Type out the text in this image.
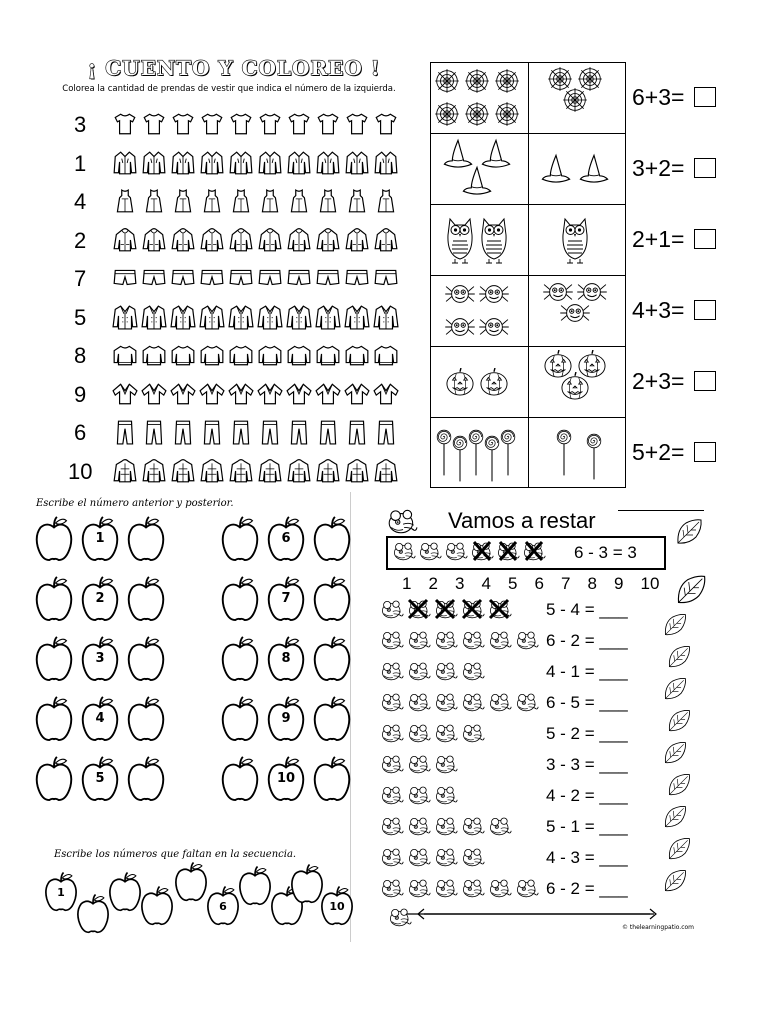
¡ CUENTO Y COLOREO !
Colorea la cantidad de prendas de vestir que indica el número de la izquierda.
3
1
4
2
7
5
8
9
6
10
6+3=
3+2=
2+1=
4+3=
2+3=
5+2=
Escribe el número anterior y posterior.
1
2
3
4
5
6
7
8
9
10
Escribe los números que faltan en la secuencia.
1
6	10
Vamos a restar
6 - 3 = 3
1 2 3 4 5 6 7 8 9 10
5 - 4 = ___
6 - 2 = ___
4 - 1 = ___
6 - 5 = ___
5 - 2 = ___
3 - 3 = ___
4 - 2 = ___
5 - 1 = ___
4 - 3 = ___
6 - 2 = ___
© thelearningpatio.com
